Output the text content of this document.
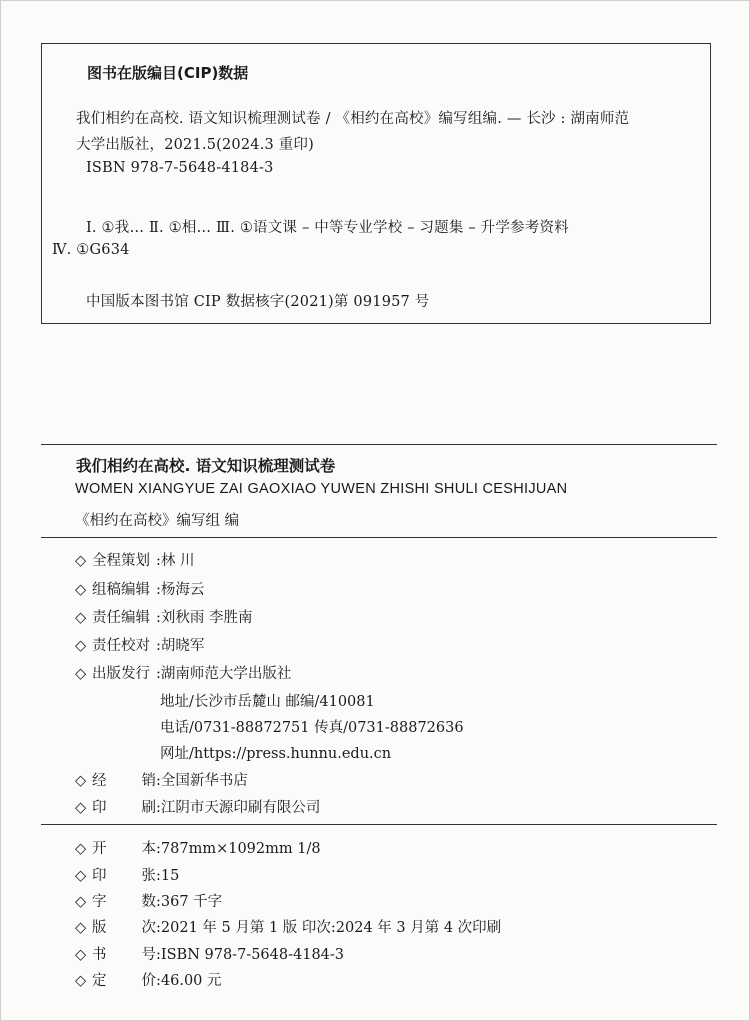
图书在版编目(CIP)数据
我们相约在高校. 语文知识梳理测试卷 / 《相约在高校》编写组编. — 长沙 : 湖南师范
大学出版社，2021.5(2024.3 重印)
ISBN 978-7-5648-4184-3
Ⅰ. ①我… Ⅱ. ①相… Ⅲ. ①语文课 – 中等专业学校 – 习题集 – 升学参考资料
Ⅳ. ①G634
中国版本图书馆 CIP 数据核字(2021)第 091957 号
我们相约在高校. 语文知识梳理测试卷
WOMEN XIANGYUE ZAI GAOXIAO YUWEN ZHISHI SHULI CESHIJUAN
《相约在高校》编写组 编
◇ 全程策划 : 林 川
◇ 组稿编辑 : 杨海云
◇ 责任编辑 : 刘秋雨 李胜南
◇ 责任校对 : 胡晓军
◇ 出版发行 : 湖南师范大学出版社
地址/长沙市岳麓山 邮编/410081
电话/0731-88872751 传真/0731-88872636
网址/https://press.hunnu.edu.cn
◇ 经销 : 全国新华书店
◇ 印刷 : 江阴市天源印刷有限公司
◇ 开本 : 787mm×1092mm 1/8
◇ 印张 : 15
◇ 字数 : 367 千字
◇ 版次 : 2021 年 5 月第 1 版 印次:2024 年 3 月第 4 次印刷
◇ 书号 : ISBN 978-7-5648-4184-3
◇ 定价 : 46.00 元
